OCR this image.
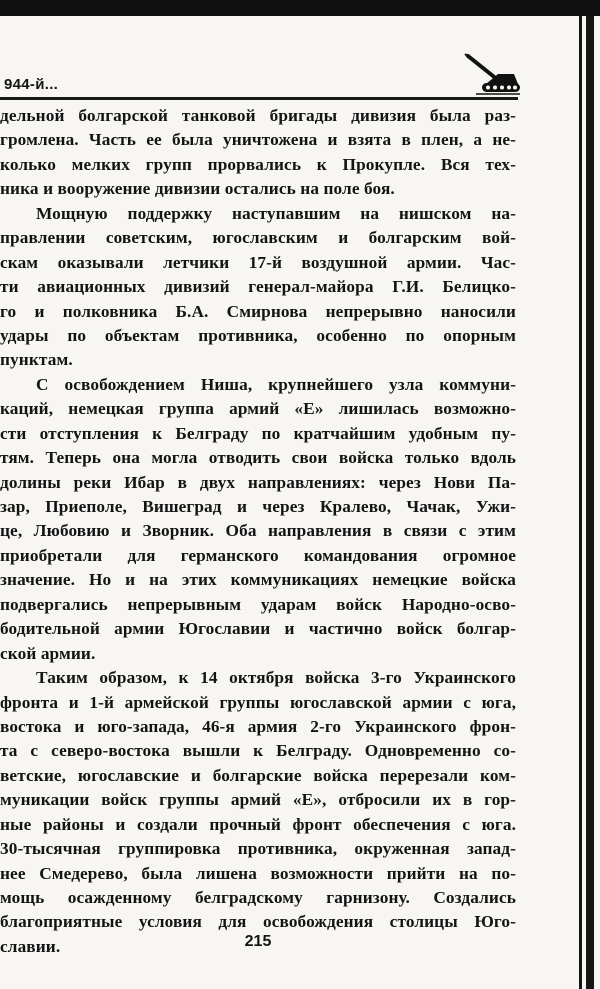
944-й...
дельной болгарской танковой бригады дивизия была раз-
громлена. Часть ее была уничтожена и взята в плен, а не-
колько мелких групп прорвались к Прокупле. Вся тех-
ника и вооружение дивизии остались на поле боя.
Мощную поддержку наступавшим на нишском на-
правлении советским, югославским и болгарским вой-
скам оказывали летчики 17-й воздушной армии. Час-
ти авиационных дивизий генерал-майора Г.И. Белицко-
го и полковника Б.А. Смирнова непрерывно наносили
удары по объектам противника, особенно по опорным
пунктам.
С освобождением Ниша, крупнейшего узла коммуни-
каций, немецкая группа армий «Е» лишилась возможно-
сти отступления к Белграду по кратчайшим удобным пу-
тям. Теперь она могла отводить свои войска только вдоль
долины реки Ибар в двух направлениях: через Нови Па-
зар, Приеполе, Вишеград и через Кралево, Чачак, Ужи-
це, Любовию и Зворник. Оба направления в связи с этим
приобретали для германского командования огромное
значение. Но и на этих коммуникациях немецкие войска
подвергались непрерывным ударам войск Народно-осво-
бодительной армии Югославии и частично войск болгар-
ской армии.
Таким образом, к 14 октября войска 3-го Украинского
фронта и 1-й армейской группы югославской армии с юга,
востока и юго-запада, 46-я армия 2-го Украинского фрон-
та с северо-востока вышли к Белграду. Одновременно со-
ветские, югославские и болгарские войска перерезали ком-
муникации войск группы армий «Е», отбросили их в гор-
ные районы и создали прочный фронт обеспечения с юга.
30-тысячная группировка противника, окруженная запад-
нее Смедерево, была лишена возможности прийти на по-
мощь осажденному белградскому гарнизону. Создались
благоприятные условия для освобождения столицы Юго-
славии.	215
